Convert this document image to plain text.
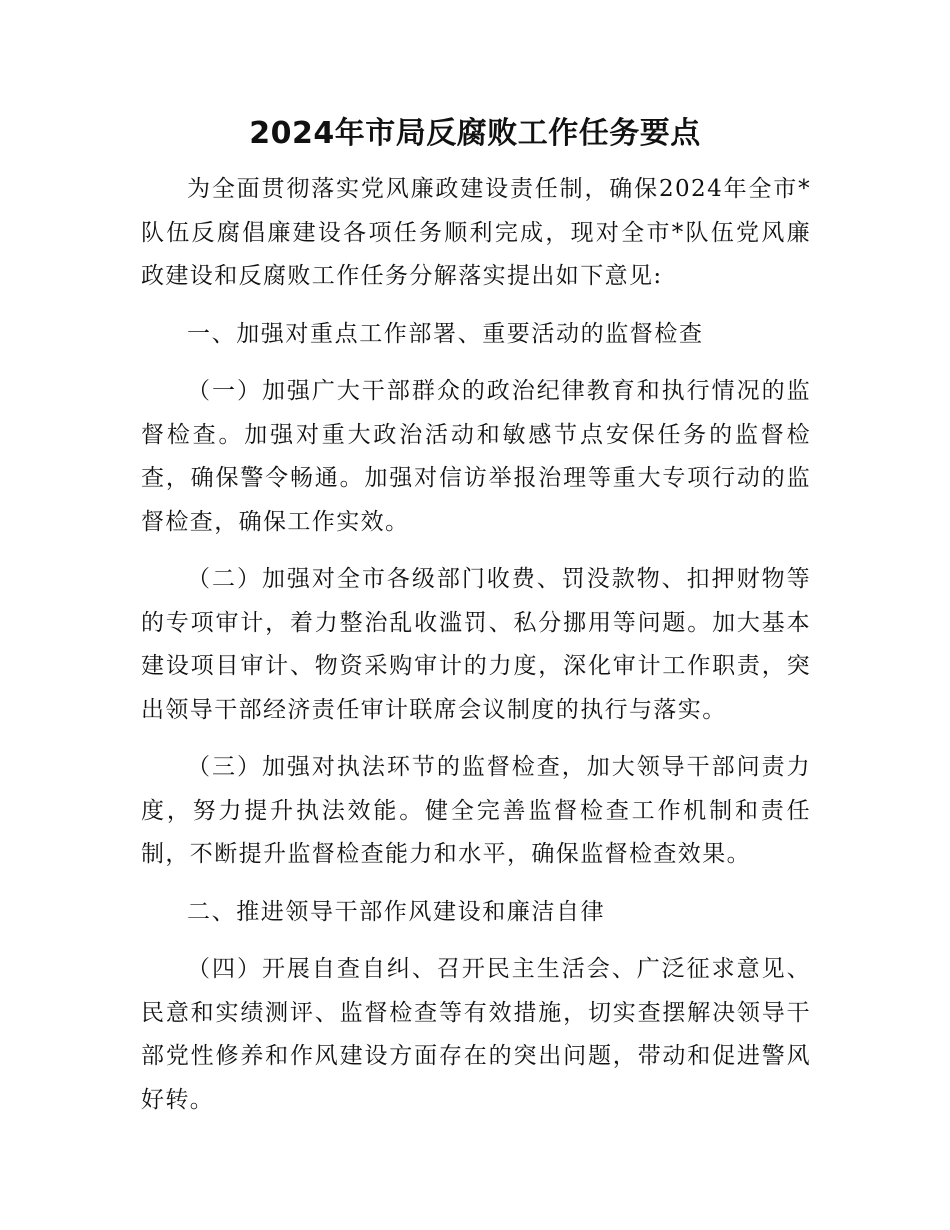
2024年市局反腐败工作任务要点

为全面贯彻落实党风廉政建设责任制，确保2024年全市*队伍反腐倡廉建设各项任务顺利完成，现对全市*队伍党风廉政建设和反腐败工作任务分解落实提出如下意见:

一、加强对重点工作部署、重要活动的监督检查

（一）加强广大干部群众的政治纪律教育和执行情况的监督检查。加强对重大政治活动和敏感节点安保任务的监督检查，确保警令畅通。加强对信访举报治理等重大专项行动的监督检查，确保工作实效。

（二）加强对全市各级部门收费、罚没款物、扣押财物等的专项审计，着力整治乱收滥罚、私分挪用等问题。加大基本建设项目审计、物资采购审计的力度，深化审计工作职责，突出领导干部经济责任审计联席会议制度的执行与落实。

（三）加强对执法环节的监督检查，加大领导干部问责力度，努力提升执法效能。健全完善监督检查工作机制和责任制，不断提升监督检查能力和水平，确保监督检查效果。

二、推进领导干部作风建设和廉洁自律

（四）开展自查自纠、召开民主生活会、广泛征求意见、民意和实绩测评、监督检查等有效措施，切实查摆解决领导干部党性修养和作风建设方面存在的突出问题，带动和促进警风好转。
